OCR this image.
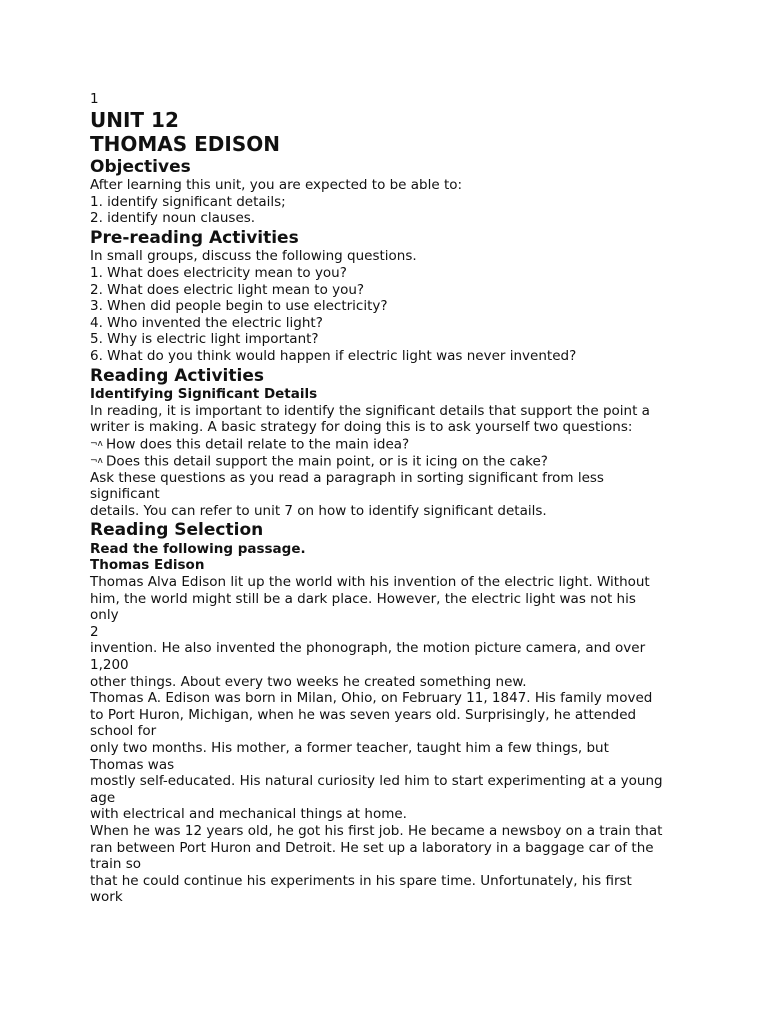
1
UNIT 12
THOMAS EDISON
Objectives
After learning this unit, you are expected to be able to:
1. identify significant details;
2. identify noun clauses.
Pre-reading Activities
In small groups, discuss the following questions.
1. What does electricity mean to you?
2. What does electric light mean to you?
3. When did people begin to use electricity?
4. Who invented the electric light?
5. Why is electric light important?
6. What do you think would happen if electric light was never invented?
Reading Activities
Identifying Significant Details
In reading, it is important to identify the significant details that support the point a
writer is making. A basic strategy for doing this is to ask yourself two questions:
¬ʌ How does this detail relate to the main idea?
¬ʌ Does this detail support the main point, or is it icing on the cake?
Ask these questions as you read a paragraph in sorting significant from less
significant
details. You can refer to unit 7 on how to identify significant details.
Reading Selection
Read the following passage.
Thomas Edison
Thomas Alva Edison lit up the world with his invention of the electric light. Without
him, the world might still be a dark place. However, the electric light was not his
only
2
invention. He also invented the phonograph, the motion picture camera, and over
1,200
other things. About every two weeks he created something new.
Thomas A. Edison was born in Milan, Ohio, on February 11, 1847. His family moved
to Port Huron, Michigan, when he was seven years old. Surprisingly, he attended
school for
only two months. His mother, a former teacher, taught him a few things, but
Thomas was
mostly self-educated. His natural curiosity led him to start experimenting at a young
age
with electrical and mechanical things at home.
When he was 12 years old, he got his first job. He became a newsboy on a train that
ran between Port Huron and Detroit. He set up a laboratory in a baggage car of the
train so
that he could continue his experiments in his spare time. Unfortunately, his first
work
